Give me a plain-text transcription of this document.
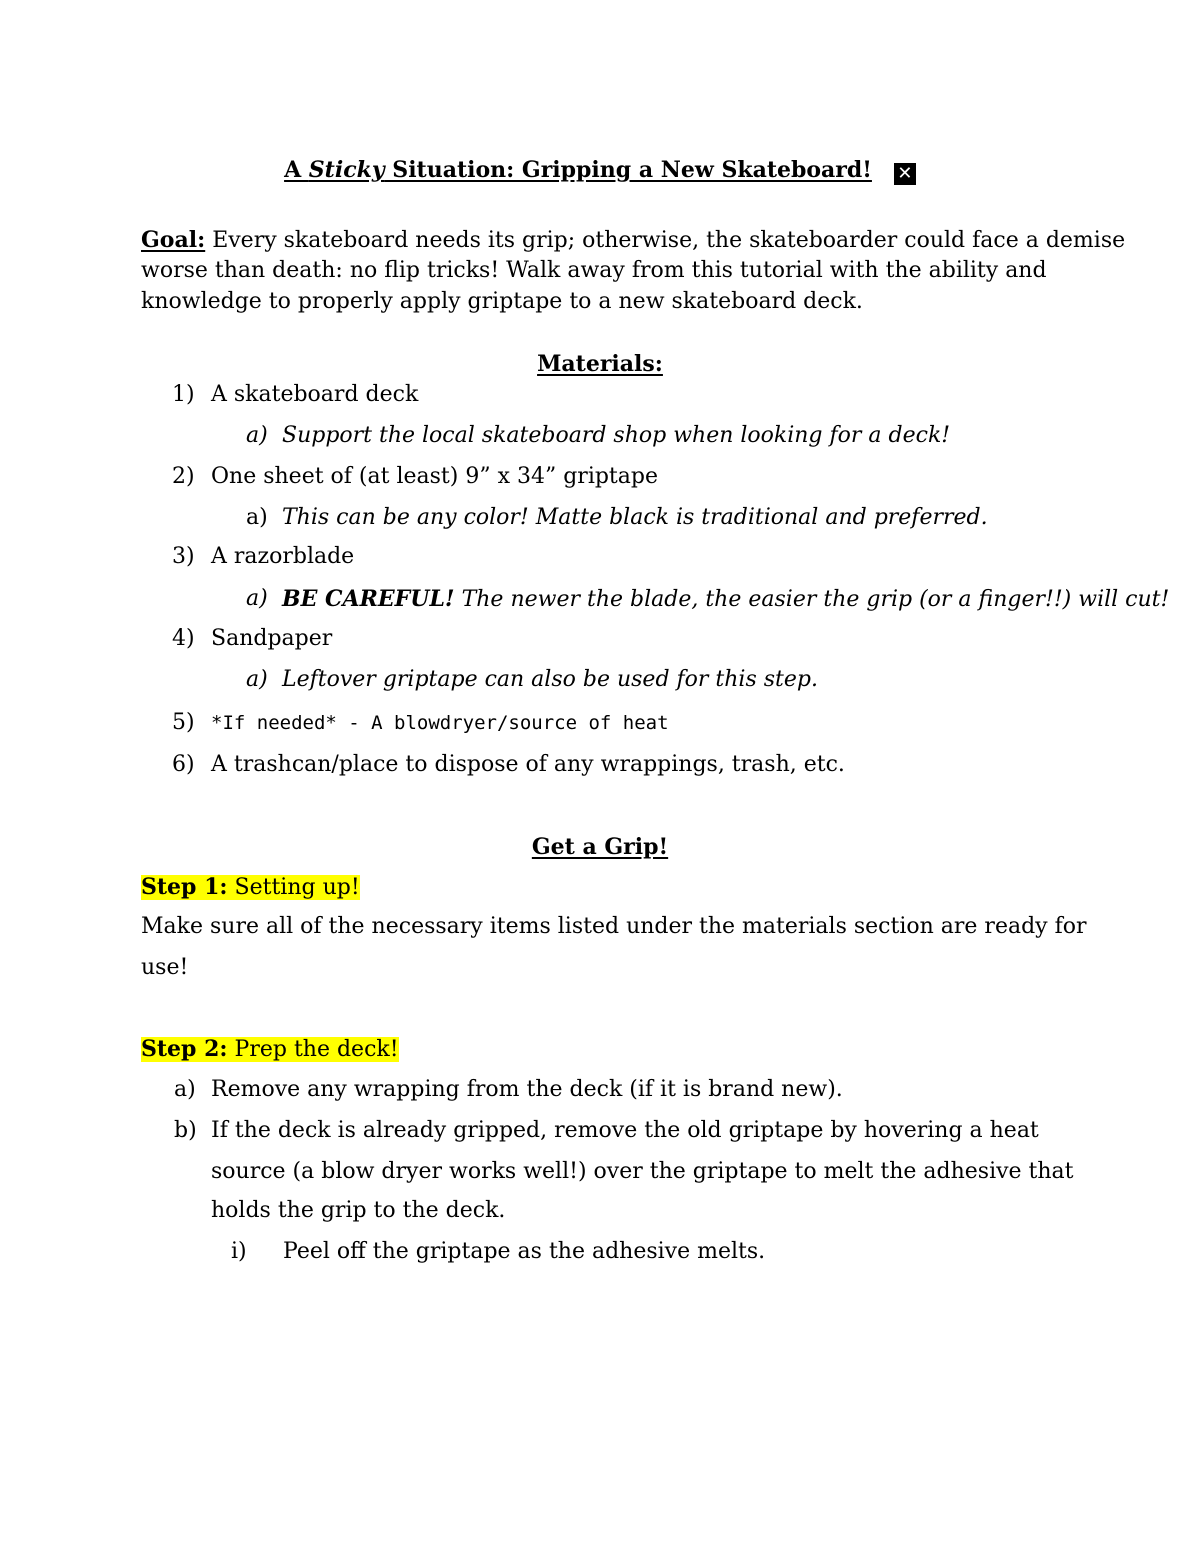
A Sticky Situation: Gripping a New Skateboard! ✕
Goal: Every skateboard needs its grip; otherwise, the skateboarder could face a demise
worse than death: no flip tricks! Walk away from this tutorial with the ability and
knowledge to properly apply griptape to a new skateboard deck.
Materials:
1) A skateboard deck
a) Support the local skateboard shop when looking for a deck!
2) One sheet of (at least) 9” x 34” griptape
a) This can be any color! Matte black is traditional and preferred.
3) A razorblade
a) BE CAREFUL! The newer the blade, the easier the grip (or a finger!!) will cut!
4) Sandpaper
a) Leftover griptape can also be used for this step.
5) *If needed* - A blowdryer/source of heat
6) A trashcan/place to dispose of any wrappings, trash, etc.
Get a Grip!
Step 1: Setting up!
Make sure all of the necessary items listed under the materials section are ready for
use!
Step 2: Prep the deck!
a) Remove any wrapping from the deck (if it is brand new).
b) If the deck is already gripped, remove the old griptape by hovering a heat
source (a blow dryer works well!) over the griptape to melt the adhesive that
holds the grip to the deck.
i) Peel off the griptape as the adhesive melts.
